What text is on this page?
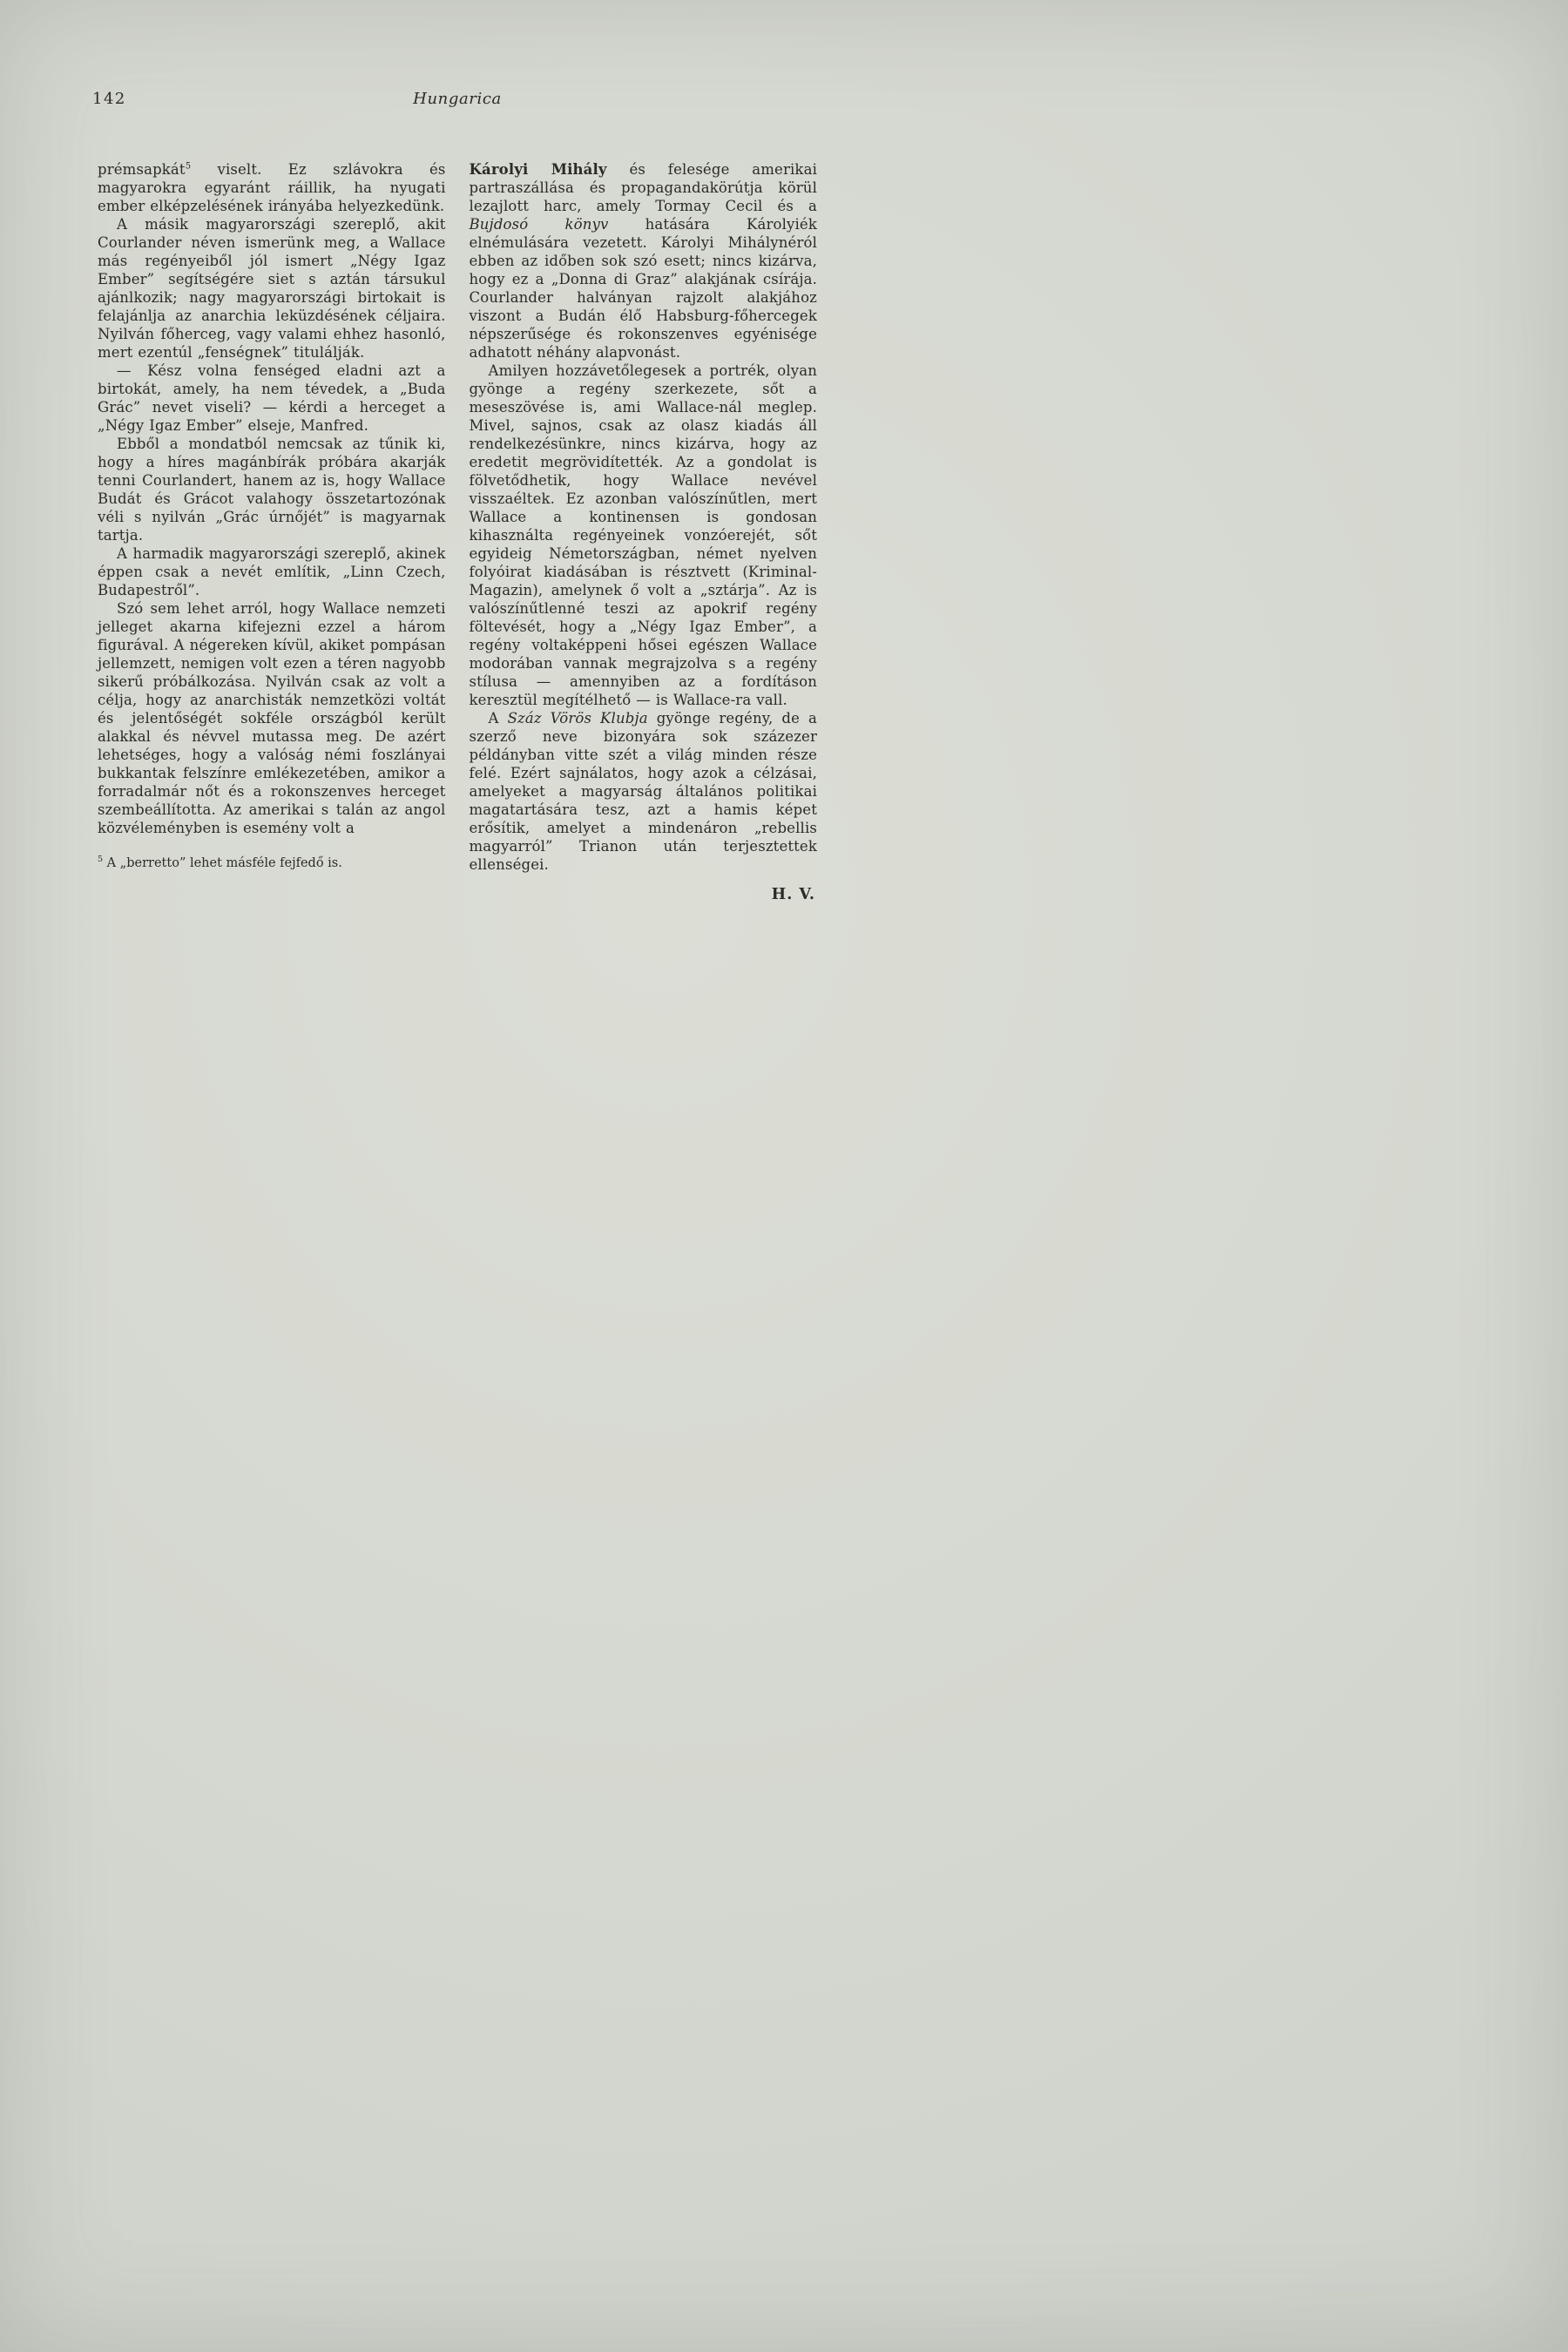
142	Hungarica

prémsapkát$^5$ viselt. Ez szlávokra és magyarokra egyaránt ráillik, ha nyugati ember elképzelésének irányába helyezkedünk.

A másik magyarországi szereplő, akit Courlander néven ismerünk meg, a Wallace más regényeiből jól ismert „Négy Igaz Ember” segítségére siet s aztán társukul ajánlkozik; nagy magyarországi birtokait is felajánlja az anarchia leküzdésének céljaira. Nyilván főherceg, vagy valami ehhez hasonló, mert ezentúl „fenségnek” titulálják.

— Kész volna fenséged eladni azt a birtokát, amely, ha nem tévedek, a „Buda Grác” nevet viseli? — kérdi a herceget a „Négy Igaz Ember” elseje, Manfred.

Ebből a mondatból nemcsak az tűnik ki, hogy a híres magánbírák próbára akarják tenni Courlandert, hanem az is, hogy Wallace Budát és Grácot valahogy összetartozónak véli s nyilván „Grác úrnőjét” is magyarnak tartja.

A harmadik magyarországi szereplő, akinek éppen csak a nevét említik, „Linn Czech, Budapestről”.

Szó sem lehet arról, hogy Wallace nemzeti jelleget akarna kifejezni ezzel a három figurával. A négereken kívül, akiket pompásan jellemzett, nemigen volt ezen a téren nagyobb sikerű próbálkozása. Nyilván csak az volt a célja, hogy az anarchisták nemzetközi voltát és jelentőségét sokféle országból került alakkal és névvel mutassa meg. De azért lehetséges, hogy a valóság némi foszlányai bukkantak felszínre emlékezetében, amikor a forradalmár nőt és a rokonszenves herceget szembeállította. Az amerikai s talán az angol közvéleményben is esemény volt a

$^5$ A „berretto” lehet másféle fejfedő is.

Károlyi Mihály és felesége amerikai partraszállása és propagandakörútja körül lezajlott harc, amely Tormay Cecil és a Bujdosó könyv hatására Károlyiék elnémulására vezetett. Károlyi Mihálynéról ebben az időben sok szó esett; nincs kizárva, hogy ez a „Donna di Graz” alakjának csírája. Courlander halványan rajzolt alakjához viszont a Budán élő Habsburg-főhercegek népszerűsége és rokonszenves egyénisége adhatott néhány alapvonást.

Amilyen hozzávetőlegesek a portrék, olyan gyönge a regény szerkezete, sőt a meseszövése is, ami Wallace-nál meglep. Mivel, sajnos, csak az olasz kiadás áll rendelkezésünkre, nincs kizárva, hogy az eredetit megrövidítették. Az a gondolat is fölvetődhetik, hogy Wallace nevével visszaéltek. Ez azonban valószínűtlen, mert Wallace a kontinensen is gondosan kihasználta regényeinek vonzóerejét, sőt egyideig Németországban, német nyelven folyóirat kiadásában is résztvett (Kriminal-Magazin), amelynek ő volt a „sztárja”. Az is valószínűtlenné teszi az apokrif regény föltevését, hogy a „Négy Igaz Ember”, a regény voltaképpeni hősei egészen Wallace modorában vannak megrajzolva s a regény stílusa — amennyiben az a fordításon keresztül megítélhető — is Wallace-ra vall.

A Száz Vörös Klubja gyönge regény, de a szerző neve bizonyára sok százezer példányban vitte szét a világ minden része felé. Ezért sajnálatos, hogy azok a célzásai, amelyeket a magyarság általános politikai magatartására tesz, azt a hamis képet erősítik, amelyet a mindenáron „rebellis magyarról” Trianon után terjesztettek ellenségei.

H. V.
